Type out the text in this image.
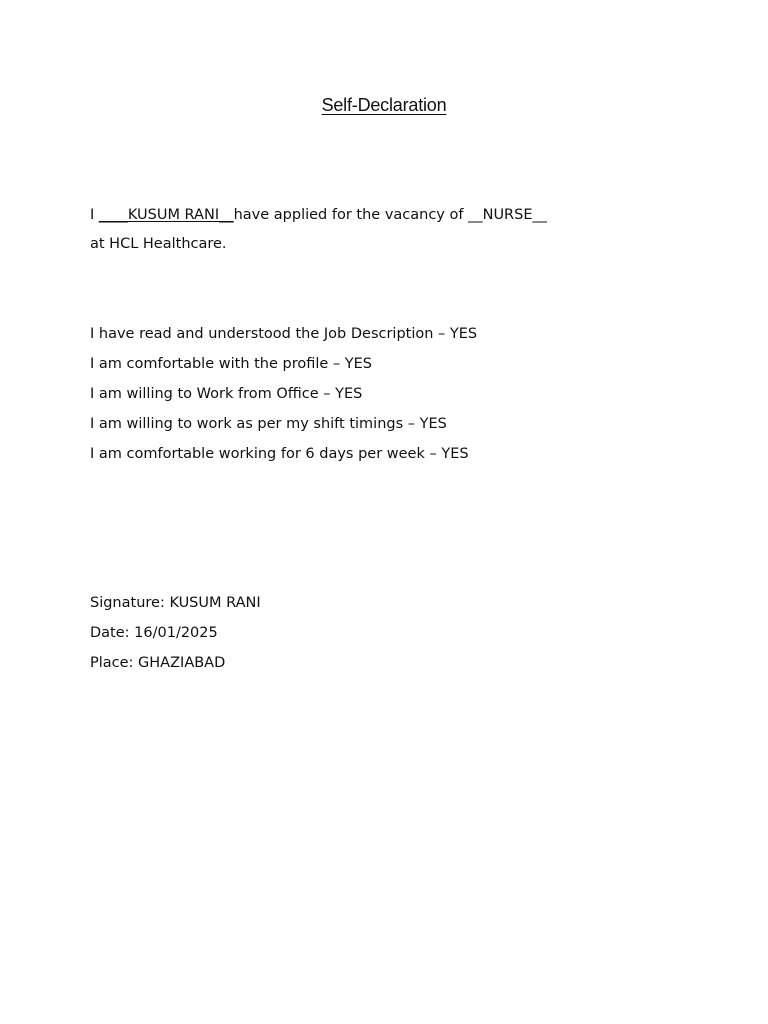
Self-Declaration
I ____KUSUM RANI__have applied for the vacancy of __NURSE__
at HCL Healthcare.
I have read and understood the Job Description – YES
I am comfortable with the profile – YES
I am willing to Work from Office – YES
I am willing to work as per my shift timings – YES
I am comfortable working for 6 days per week – YES
Signature: KUSUM RANI
Date: 16/01/2025
Place: GHAZIABAD
